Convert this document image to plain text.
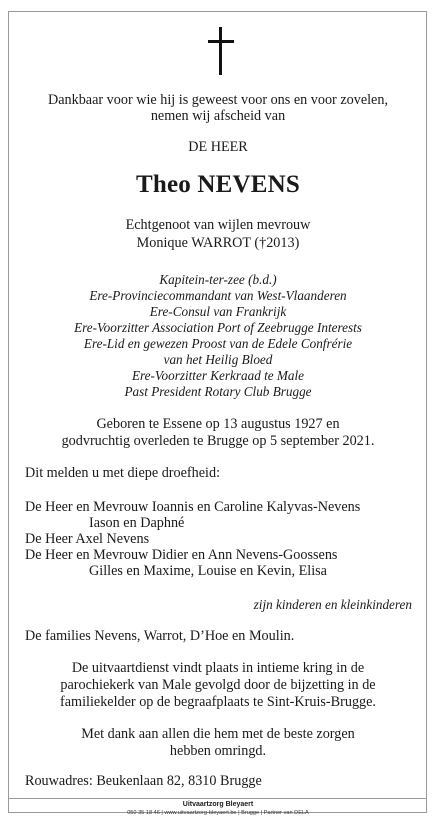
Dankbaar voor wie hij is geweest voor ons en voor zovelen,
nemen wij afscheid van
DE HEER
Theo NEVENS
Echtgenoot van wijlen mevrouw
Monique WARROT (†2013)
Kapitein-ter-zee (b.d.)
Ere-Provinciecommandant van West-Vlaanderen
Ere-Consul van Frankrijk
Ere-Voorzitter Association Port of Zeebrugge Interests
Ere-Lid en gewezen Proost van de Edele Confrérie
van het Heilig Bloed
Ere-Voorzitter Kerkraad te Male
Past President Rotary Club Brugge
Geboren te Essene op 13 augustus 1927 en
godvruchtig overleden te Brugge op 5 september 2021.
Dit melden u met diepe droefheid:
De Heer en Mevrouw Ioannis en Caroline Kalyvas-Nevens
Iason en Daphné
De Heer Axel Nevens
De Heer en Mevrouw Didier en Ann Nevens-Goossens
Gilles en Maxime, Louise en Kevin, Elisa
zijn kinderen en kleinkinderen
De families Nevens, Warrot, D’Hoe en Moulin.
De uitvaartdienst vindt plaats in intieme kring in de
parochiekerk van Male gevolgd door de bijzetting in de
familiekelder op de begraafplaats te Sint-Kruis-Brugge.
Met dank aan allen die hem met de beste zorgen
hebben omringd.
Rouwadres: Beukenlaan 82, 8310 Brugge
Uitvaartzorg Bleyaert
050 35 18 46 | www.uitvaartzorg-bleyaert.be | Brugge | Partner van DELA
